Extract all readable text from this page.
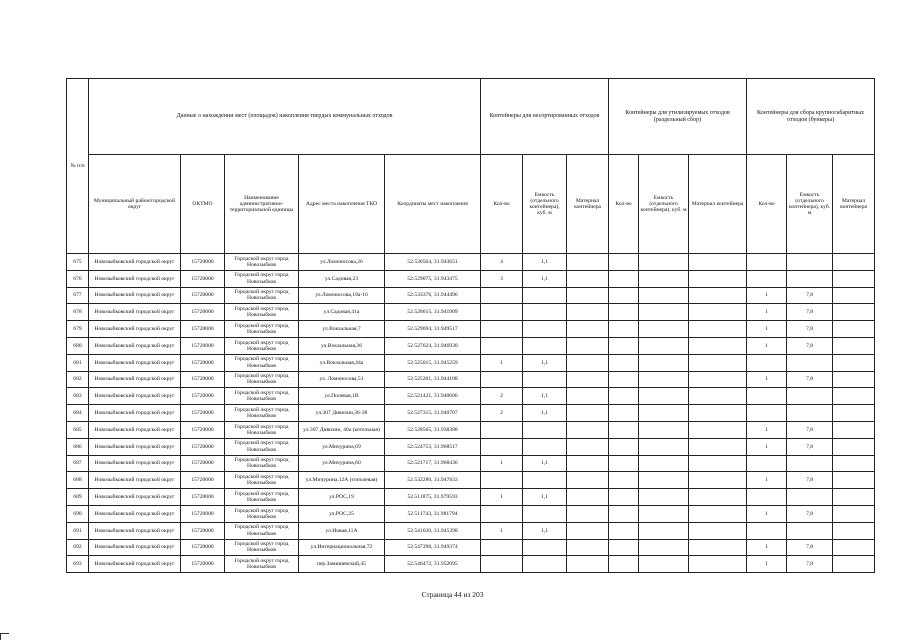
№ п/п	Данные о нахождении мест (площадок) накопления твердых коммунальных отходов					Контейнеры для несортированных отходов			Контейнеры для утилизируемых отходов (раздельный сбор)			Контейнеры для сбора крупногабаритных отходов (бункеры)		
	Муниципальный район/городской округ	ОКТМО	Наименование административно-территориальной единицы	Адрес места накопления ТКО	Координаты мест накопления	Кол-во	Емкость (отдельного контейнера), куб. м	Материал контейнера	Кол-во	Емкость (отдельного контейнера), куб. м	Материал контейнера	Кол-во	Емкость (отдельного контейнера), куб. м	Материал контейнера
675	Новозыбковский городской округ	15720000	Городской округ город Новозыбков	ул.Ломоносова,26	52.530564, 31.943651	4	1,1							
676	Новозыбковский городской округ	15720000	Городской округ город Новозыбков	ул.Садовая,23	52.529075, 31.943475	3	1,1							
677	Новозыбковский городской округ	15720000	Городской округ город Новозыбков	ул.Ломоносова,18а-16	52.533376, 31.944496							1	7,8	
678	Новозыбковский городской округ	15720000	Городской округ город Новозыбков	ул.Садовая,41а	52.528615, 31.941909							1	7,8	
679	Новозыбковский городской округ	15720000	Городской округ город Новозыбков	ул.Вокзальная,7	52.529694, 31.949517							1	7,8	
680	Новозыбковский городской округ	15720000	Городской округ город Новозыбков	ул.Вокзальная,36	52.527624, 31.946930							1	7,8	
681	Новозыбковский городской округ	15720000	Городской округ город Новозыбков	ул.Вокзальная,44а	52.525015, 31.945259	1	1,1							
682	Новозыбковский городской округ	15720000	Городской округ город Новозыбков	ул. Ломоносова,51	52.525201, 31.944108							1	7,8	
683	Новозыбковский городской округ	15720000	Городской округ город Новозыбков	ул.Полевая,1В	52.521421, 31.940606	2	1,1							
684	Новозыбковский городской округ	15720000	Городской округ город Новозыбков	ул.307 Дивизии,36-38	52.527315, 31.940707	2	1,1							
685	Новозыбковский городской округ	15720000	Городской округ город Новозыбков	ул.307 Дивизии, 40а (котельная)	52.528565, 31.938388							1	7,8	
686	Новозыбковский городской округ	15720000	Городской округ город Новозыбков	ул.Мичурина,69	52.524753, 31.968517							1	7,8	
687	Новозыбковский городской округ	15720000	Городской округ город Новозыбков	ул.Мичурина,60	52.521717, 31.968436	1	1,1							
688	Новозыбковский городской округ	15720000	Городской округ город Новозыбков	ул.Мичурина,12А (тополевая)	52.532280, 31.947833							1	7,8	
689	Новозыбковский городской округ	15720000	Городской округ город Новозыбков	ул.РОС,19	52.511875, 31.979593	1	1,1							
690	Новозыбковский городской округ	15720000	Городской округ город Новозыбков	ул.РОС,25	52.511743, 31.981794							1	7,8	
691	Новозыбковский городской округ	15720000	Городской округ город Новозыбков	ул.Новая,11А	52.541630, 31.945398	1	1,1							
692	Новозыбковский городской округ	15720000	Городской округ город Новозыбков	ул.Интернациональная,72	52.547398, 31.949374							1	7,8	
693	Новозыбковский городской округ	15720000	Городской округ город Новозыбков	пер.Замишевский,45	52.546472, 31.952095							1	7,8	
Страница 44 из 203
